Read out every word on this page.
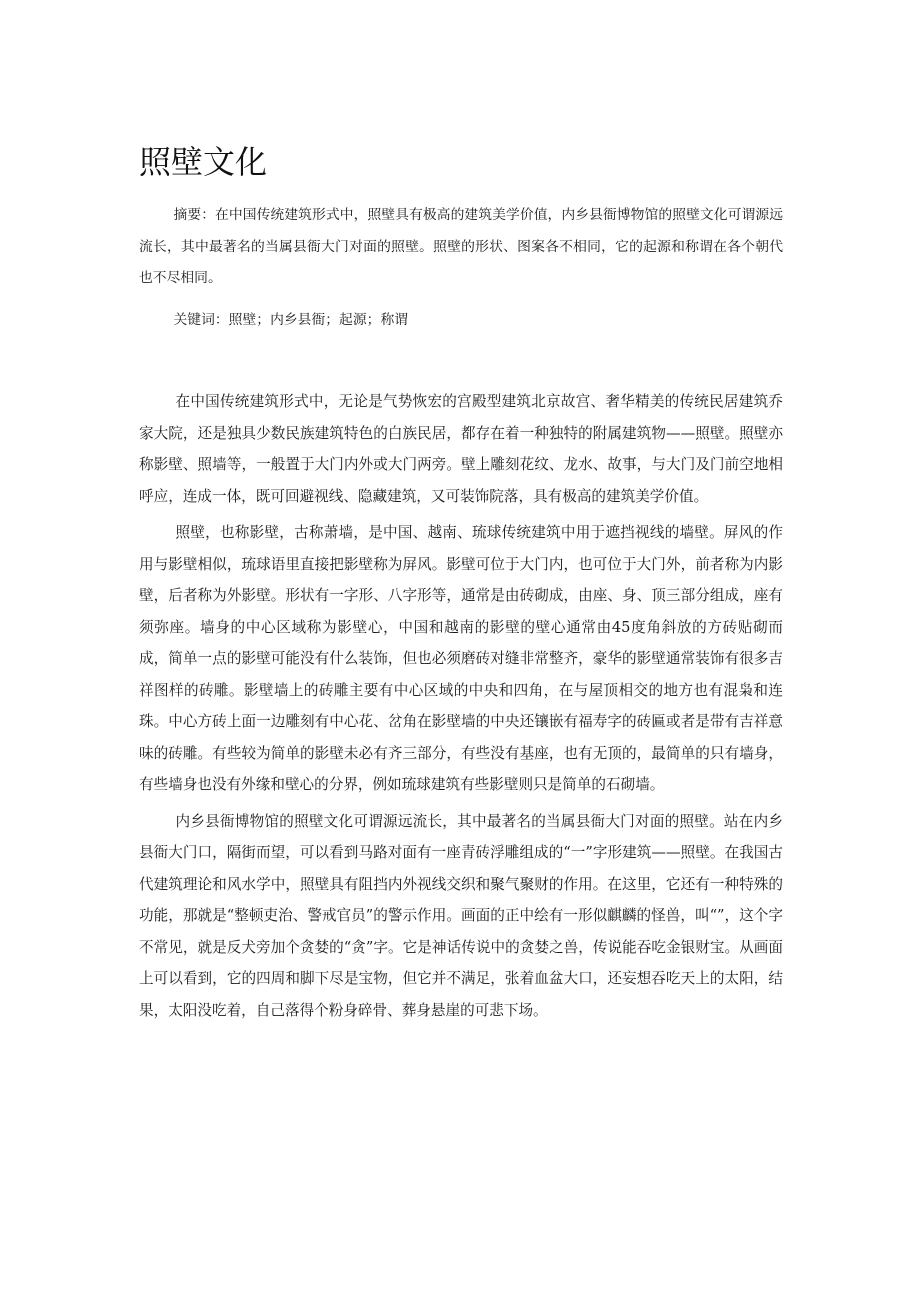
照壁文化

摘要：在中国传统建筑形式中，照壁具有极高的建筑美学价值，内乡县衙博物馆的照壁文化可谓源远流长，其中最著名的当属县衙大门对面的照壁。照壁的形状、图案各不相同，它的起源和称谓在各个朝代也不尽相同。

关键词：照壁；内乡县衙；起源；称谓

在中国传统建筑形式中，无论是气势恢宏的宫殿型建筑北京故宫、奢华精美的传统民居建筑乔家大院，还是独具少数民族建筑特色的白族民居，都存在着一种独特的附属建筑物——照壁。照壁亦称影壁、照墙等，一般置于大门内外或大门两旁。壁上雕刻花纹、龙水、故事，与大门及门前空地相呼应，连成一体，既可回避视线、隐藏建筑，又可装饰院落，具有极高的建筑美学价值。

照壁，也称影壁，古称萧墙，是中国、越南、琉球传统建筑中用于遮挡视线的墙壁。屏风的作用与影壁相似，琉球语里直接把影壁称为屏风。影壁可位于大门内，也可位于大门外，前者称为内影壁，后者称为外影壁。形状有一字形、八字形等，通常是由砖砌成，由座、身、顶三部分组成，座有须弥座。墙身的中心区域称为影壁心，中国和越南的影壁的壁心通常由45度角斜放的方砖贴砌而成，简单一点的影壁可能没有什么装饰，但也必须磨砖对缝非常整齐，豪华的影壁通常装饰有很多吉祥图样的砖雕。影壁墙上的砖雕主要有中心区域的中央和四角，在与屋顶相交的地方也有混枭和连珠。中心方砖上面一边雕刻有中心花、岔角在影壁墙的中央还镶嵌有福寿字的砖匾或者是带有吉祥意味的砖雕。有些较为简单的影壁未必有齐三部分，有些没有基座，也有无顶的，最简单的只有墙身，有些墙身也没有外缘和壁心的分界，例如琉球建筑有些影壁则只是简单的石砌墙。

内乡县衙博物馆的照壁文化可谓源远流长，其中最著名的当属县衙大门对面的照壁。站在内乡县衙大门口，隔街而望，可以看到马路对面有一座青砖浮雕组成的“一”字形建筑——照壁。在我国古代建筑理论和风水学中，照壁具有阻挡内外视线交织和聚气聚财的作用。在这里，它还有一种特殊的功能，那就是“整顿吏治、警戒官员”的警示作用。画面的正中绘有一形似麒麟的怪兽，叫“”，这个字不常见，就是反犬旁加个贪婪的“贪”字。它是神话传说中的贪婪之兽，传说能吞吃金银财宝。从画面上可以看到，它的四周和脚下尽是宝物，但它并不满足，张着血盆大口，还妄想吞吃天上的太阳，结果，太阳没吃着，自己落得个粉身碎骨、葬身悬崖的可悲下场。
